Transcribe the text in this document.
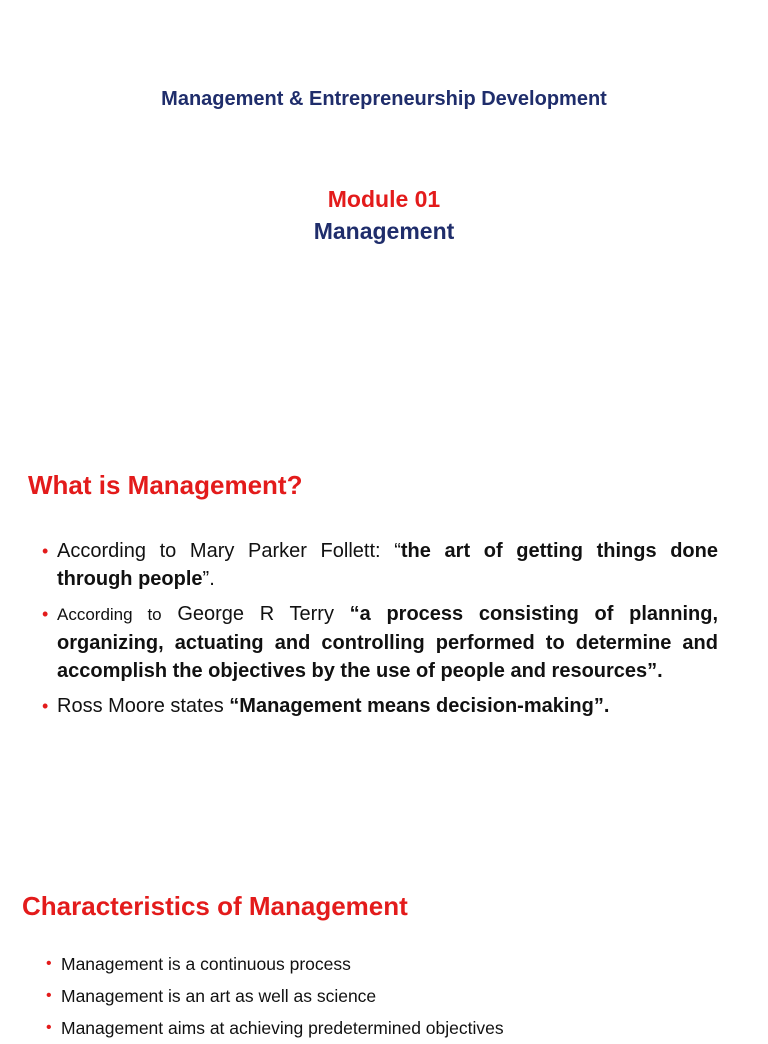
Management & Entrepreneurship Development
Module 01
Management
What is Management?
• According to Mary Parker Follett: “the art of getting things done through people”.
• According to George R Terry “a process consisting of planning, organizing, actuating and controlling performed to determine and accomplish the objectives by the use of people and resources”.
• Ross Moore states “Management means decision-making”.
Characteristics of Management
• Management is a continuous process
• Management is an art as well as science
• Management aims at achieving predetermined objectives
